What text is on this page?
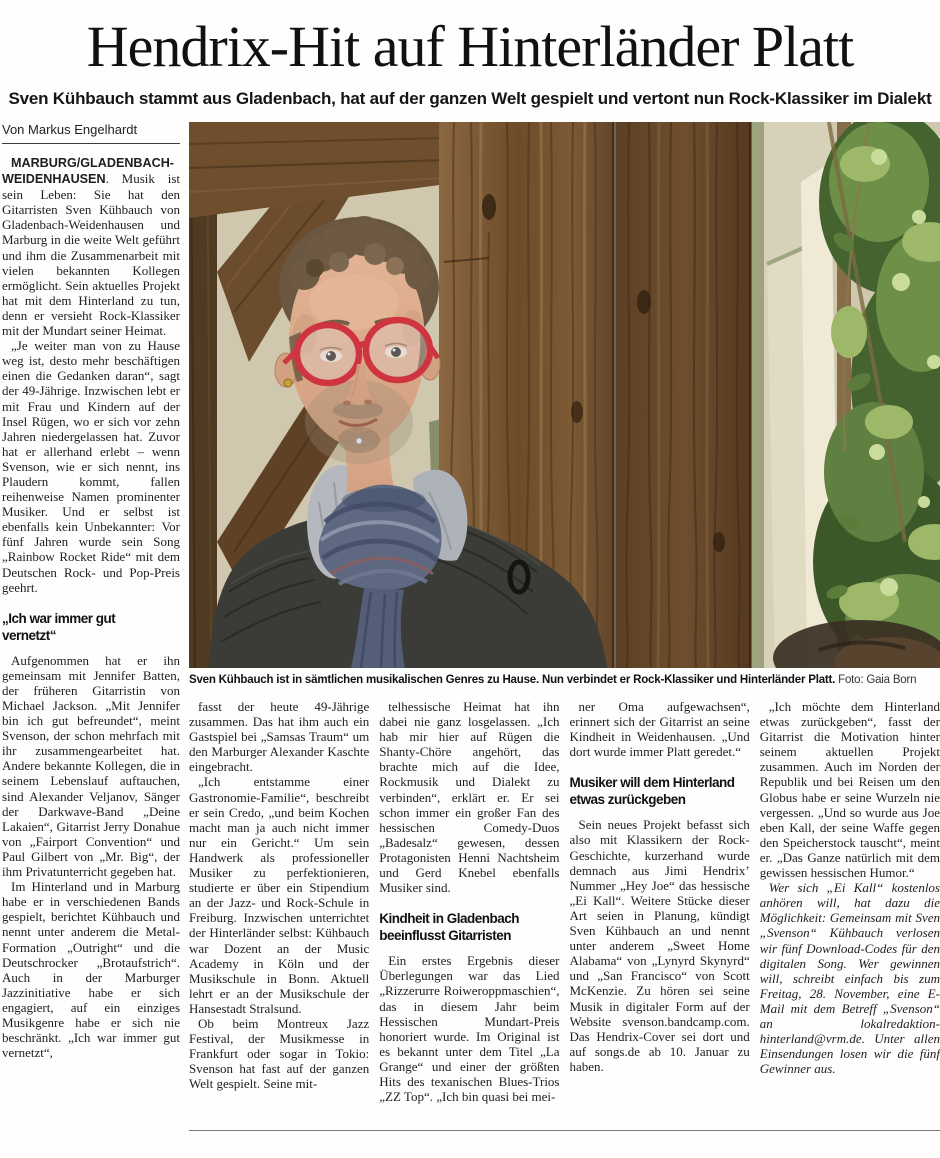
Hendrix-Hit auf Hinterländer Platt

Sven Kühbauch stammt aus Gladenbach, hat auf der ganzen Welt gespielt und vertont nun Rock-Klassiker im Dialekt

Von Markus Engelhardt

MARBURG/GLADENBACH-WEIDENHAUSEN. Musik ist sein Leben: Sie hat den Gitarristen Sven Kühbauch von Gladenbach-Weidenhausen und Marburg in die weite Welt geführt und ihm die Zusammenarbeit mit vielen bekannten Kollegen ermöglicht. Sein aktuelles Projekt hat mit dem Hinterland zu tun, denn er versieht Rock-Klassiker mit der Mundart seiner Heimat.

„Je weiter man von zu Hause weg ist, desto mehr beschäftigen einen die Gedanken daran“, sagt der 49-Jährige. Inzwischen lebt er mit Frau und Kindern auf der Insel Rügen, wo er sich vor zehn Jahren niedergelassen hat. Zuvor hat er allerhand erlebt – wenn Svenson, wie er sich nennt, ins Plaudern kommt, fallen reihenweise Namen prominenter Musiker. Und er selbst ist ebenfalls kein Unbekannter: Vor fünf Jahren wurde sein Song „Rainbow Rocket Ride“ mit dem Deutschen Rock- und Pop-Preis geehrt.

„Ich war immer gut vernetzt“

Aufgenommen hat er ihn gemeinsam mit Jennifer Batten, der früheren Gitarristin von Michael Jackson. „Mit Jennifer bin ich gut befreundet“, meint Svenson, der schon mehrfach mit ihr zusammengearbeitet hat. Andere bekannte Kollegen, die in seinem Lebenslauf auftauchen, sind Alexander Veljanov, Sänger der Darkwave-Band „Deine Lakaien“, Gitarrist Jerry Donahue von „Fairport Convention“ und Paul Gilbert von „Mr. Big“, der ihm Privatunterricht gegeben hat.

Im Hinterland und in Marburg habe er in verschiedenen Bands gespielt, berichtet Kühbauch und nennt unter anderem die Metal-Formation „Outright“ und die Deutschrocker „Brotaufstrich“. Auch in der Marburger Jazzinitiative habe er sich engagiert, auf ein einziges Musikgenre habe er sich nie beschränkt. „Ich war immer gut vernetzt“,

Sven Kühbauch ist in sämtlichen musikalischen Genres zu Hause. Nun verbindet er Rock-Klassiker und Hinterländer Platt. Foto: Gaia Born

fasst der heute 49-Jährige zusammen. Das hat ihm auch ein Gastspiel bei „Samsas Traum“ um den Marburger Alexander Kaschte eingebracht.

„Ich entstamme einer Gastronomie-Familie“, beschreibt er sein Credo, „und beim Kochen macht man ja auch nicht immer nur ein Gericht.“ Um sein Handwerk als professioneller Musiker zu perfektionieren, studierte er über ein Stipendium an der Jazz- und Rock-Schule in Freiburg. Inzwischen unterrichtet der Hinterländer selbst: Kühbauch war Dozent an der Music Academy in Köln und der Musikschule in Bonn. Aktuell lehrt er an der Musikschule der Hansestadt Stralsund.

Ob beim Montreux Jazz Festival, der Musikmesse in Frankfurt oder sogar in Tokio: Svenson hat fast auf der ganzen Welt gespielt. Seine mit-

telhessische Heimat hat ihn dabei nie ganz losgelassen. „Ich hab mir hier auf Rügen die Shanty-Chöre angehört, das brachte mich auf die Idee, Rockmusik und Dialekt zu verbinden“, erklärt er. Er sei schon immer ein großer Fan des hessischen Comedy-Duos „Badesalz“ gewesen, dessen Protagonisten Henni Nachtsheim und Gerd Knebel ebenfalls Musiker sind.

Kindheit in Gladenbach beeinflusst Gitarristen

Ein erstes Ergebnis dieser Überlegungen war das Lied „Rizzerurre Roiweroppmaschien“, das in diesem Jahr beim Hessischen Mundart-Preis honoriert wurde. Im Original ist es bekannt unter dem Titel „La Grange“ und einer der größten Hits des texanischen Blues-Trios „ZZ Top“. „Ich bin quasi bei mei-

ner Oma aufgewachsen“, erinnert sich der Gitarrist an seine Kindheit in Weidenhausen. „Und dort wurde immer Platt geredet.“

Musiker will dem Hinterland etwas zurückgeben

Sein neues Projekt befasst sich also mit Klassikern der Rock-Geschichte, kurzerhand wurde demnach aus Jimi Hendrix’ Nummer „Hey Joe“ das hessische „Ei Kall“. Weitere Stücke dieser Art seien in Planung, kündigt Sven Kühbauch an und nennt unter anderem „Sweet Home Alabama“ von „Lynyrd Skynyrd“ und „San Francisco“ von Scott McKenzie. Zu hören sei seine Musik in digitaler Form auf der Website svenson.bandcamp.com. Das Hendrix-Cover sei dort und auf songs.de ab 10. Januar zu haben.

„Ich möchte dem Hinterland etwas zurückgeben“, fasst der Gitarrist die Motivation hinter seinem aktuellen Projekt zusammen. Auch im Norden der Republik und bei Reisen um den Globus habe er seine Wurzeln nie vergessen. „Und so wurde aus Joe eben Kall, der seine Waffe gegen den Speicherstock tauscht“, meint er. „Das Ganze natürlich mit dem gewissen hessischen Humor.“

Wer sich „Ei Kall“ kostenlos anhören will, hat dazu die Möglichkeit: Gemeinsam mit Sven „Svenson“ Kühbauch verlosen wir fünf Download-Codes für den digitalen Song. Wer gewinnen will, schreibt einfach bis zum Freitag, 28. November, eine E-Mail mit dem Betreff „Svenson“ an lokalredaktion-hinterland@vrm.de. Unter allen Einsendungen losen wir die fünf Gewinner aus.
